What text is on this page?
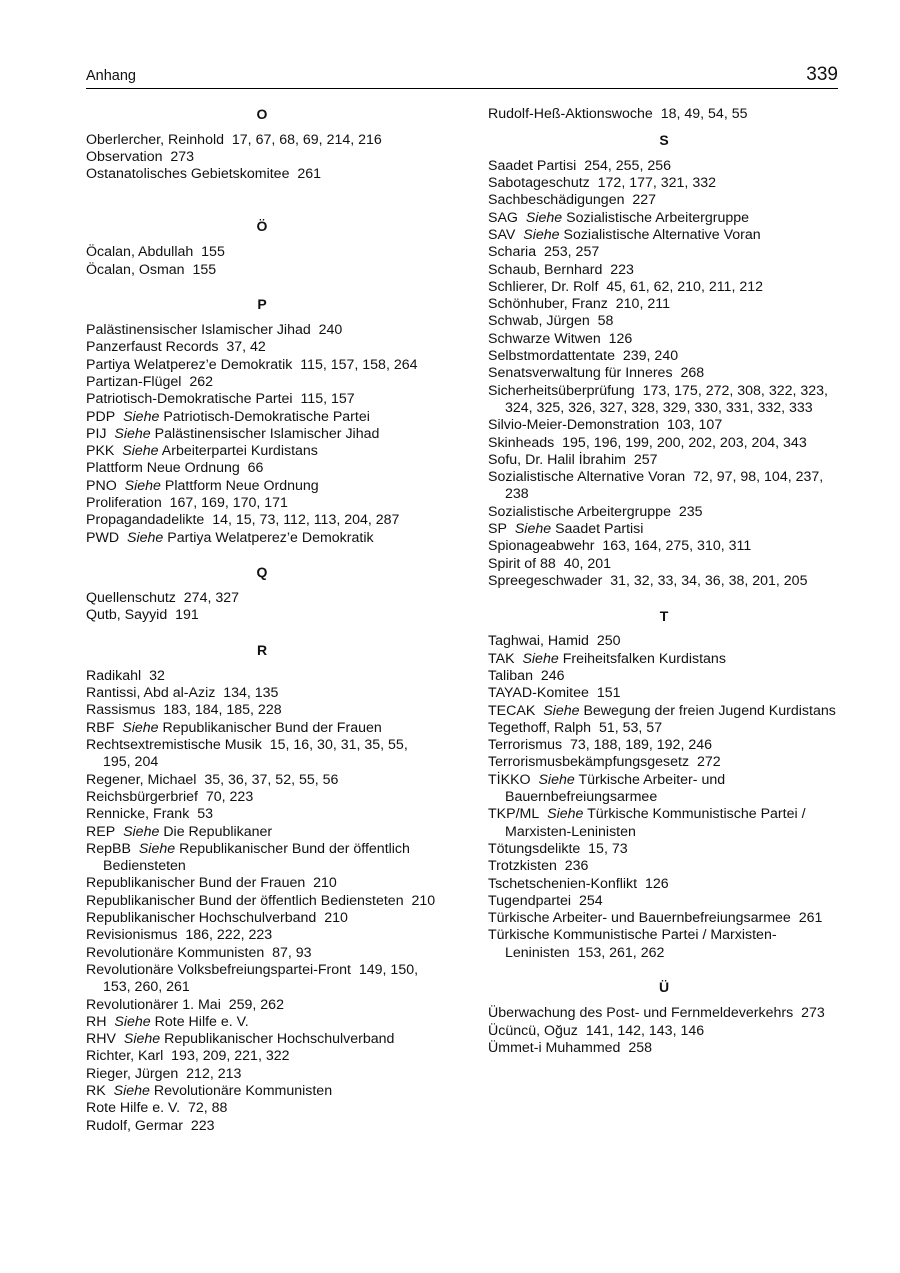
Anhang	339
O
Oberlercher, Reinhold 17, 67, 68, 69, 214, 216
Observation 273
Ostanatolisches Gebietskomitee 261
Ö
Öcalan, Abdullah 155
Öcalan, Osman 155
P
Palästinensischer Islamischer Jihad 240
Panzerfaust Records 37, 42
Partiya Welatperez’e Demokratik 115, 157, 158, 264
Partizan-Flügel 262
Patriotisch-Demokratische Partei 115, 157
PDP Siehe Patriotisch-Demokratische Partei
PIJ Siehe Palästinensischer Islamischer Jihad
PKK Siehe Arbeiterpartei Kurdistans
Plattform Neue Ordnung 66
PNO Siehe Plattform Neue Ordnung
Proliferation 167, 169, 170, 171
Propagandadelikte 14, 15, 73, 112, 113, 204, 287
PWD Siehe Partiya Welatperez’e Demokratik
Q
Quellenschutz 274, 327
Qutb, Sayyid 191
R
Radikahl 32
Rantissi, Abd al-Aziz 134, 135
Rassismus 183, 184, 185, 228
RBF Siehe Republikanischer Bund der Frauen
Rechtsextremistische Musik 15, 16, 30, 31, 35, 55, 195, 204
Regener, Michael 35, 36, 37, 52, 55, 56
Reichsbürgerbrief 70, 223
Rennicke, Frank 53
REP Siehe Die Republikaner
RepBB Siehe Republikanischer Bund der öffentlich Bediensteten
Republikanischer Bund der Frauen 210
Republikanischer Bund der öffentlich Bediensteten 210
Republikanischer Hochschulverband 210
Revisionismus 186, 222, 223
Revolutionäre Kommunisten 87, 93
Revolutionäre Volksbefreiungspartei-Front 149, 150, 153, 260, 261
Revolutionärer 1. Mai 259, 262
RH Siehe Rote Hilfe e. V.
RHV Siehe Republikanischer Hochschulverband
Richter, Karl 193, 209, 221, 322
Rieger, Jürgen 212, 213
RK Siehe Revolutionäre Kommunisten
Rote Hilfe e. V. 72, 88
Rudolf, Germar 223
Rudolf-Heß-Aktionswoche 18, 49, 54, 55
S
Saadet Partisi 254, 255, 256
Sabotageschutz 172, 177, 321, 332
Sachbeschädigungen 227
SAG Siehe Sozialistische Arbeitergruppe
SAV Siehe Sozialistische Alternative Voran
Scharia 253, 257
Schaub, Bernhard 223
Schlierer, Dr. Rolf 45, 61, 62, 210, 211, 212
Schönhuber, Franz 210, 211
Schwab, Jürgen 58
Schwarze Witwen 126
Selbstmordattentate 239, 240
Senatsverwaltung für Inneres 268
Sicherheitsüberprüfung 173, 175, 272, 308, 322, 323, 324, 325, 326, 327, 328, 329, 330, 331, 332, 333
Silvio-Meier-Demonstration 103, 107
Skinheads 195, 196, 199, 200, 202, 203, 204, 343
Sofu, Dr. Halil İbrahim 257
Sozialistische Alternative Voran 72, 97, 98, 104, 237, 238
Sozialistische Arbeitergruppe 235
SP Siehe Saadet Partisi
Spionageabwehr 163, 164, 275, 310, 311
Spirit of 88 40, 201
Spreegeschwader 31, 32, 33, 34, 36, 38, 201, 205
T
Taghwai, Hamid 250
TAK Siehe Freiheitsfalken Kurdistans
Taliban 246
TAYAD-Komitee 151
TECAK Siehe Bewegung der freien Jugend Kurdistans
Tegethoff, Ralph 51, 53, 57
Terrorismus 73, 188, 189, 192, 246
Terrorismusbekämpfungsgesetz 272
TİKKO Siehe Türkische Arbeiter- und Bauernbefreiungsarmee
TKP/ML Siehe Türkische Kommunistische Partei / Marxisten-Leninisten
Tötungsdelikte 15, 73
Trotzkisten 236
Tschetschenien-Konflikt 126
Tugendpartei 254
Türkische Arbeiter- und Bauernbefreiungsarmee 261
Türkische Kommunistische Partei / Marxisten-Leninisten 153, 261, 262
Ü
Überwachung des Post- und Fernmeldeverkehrs 273
Ücüncü, Oğuz 141, 142, 143, 146
Ümmet-i Muhammed 258
